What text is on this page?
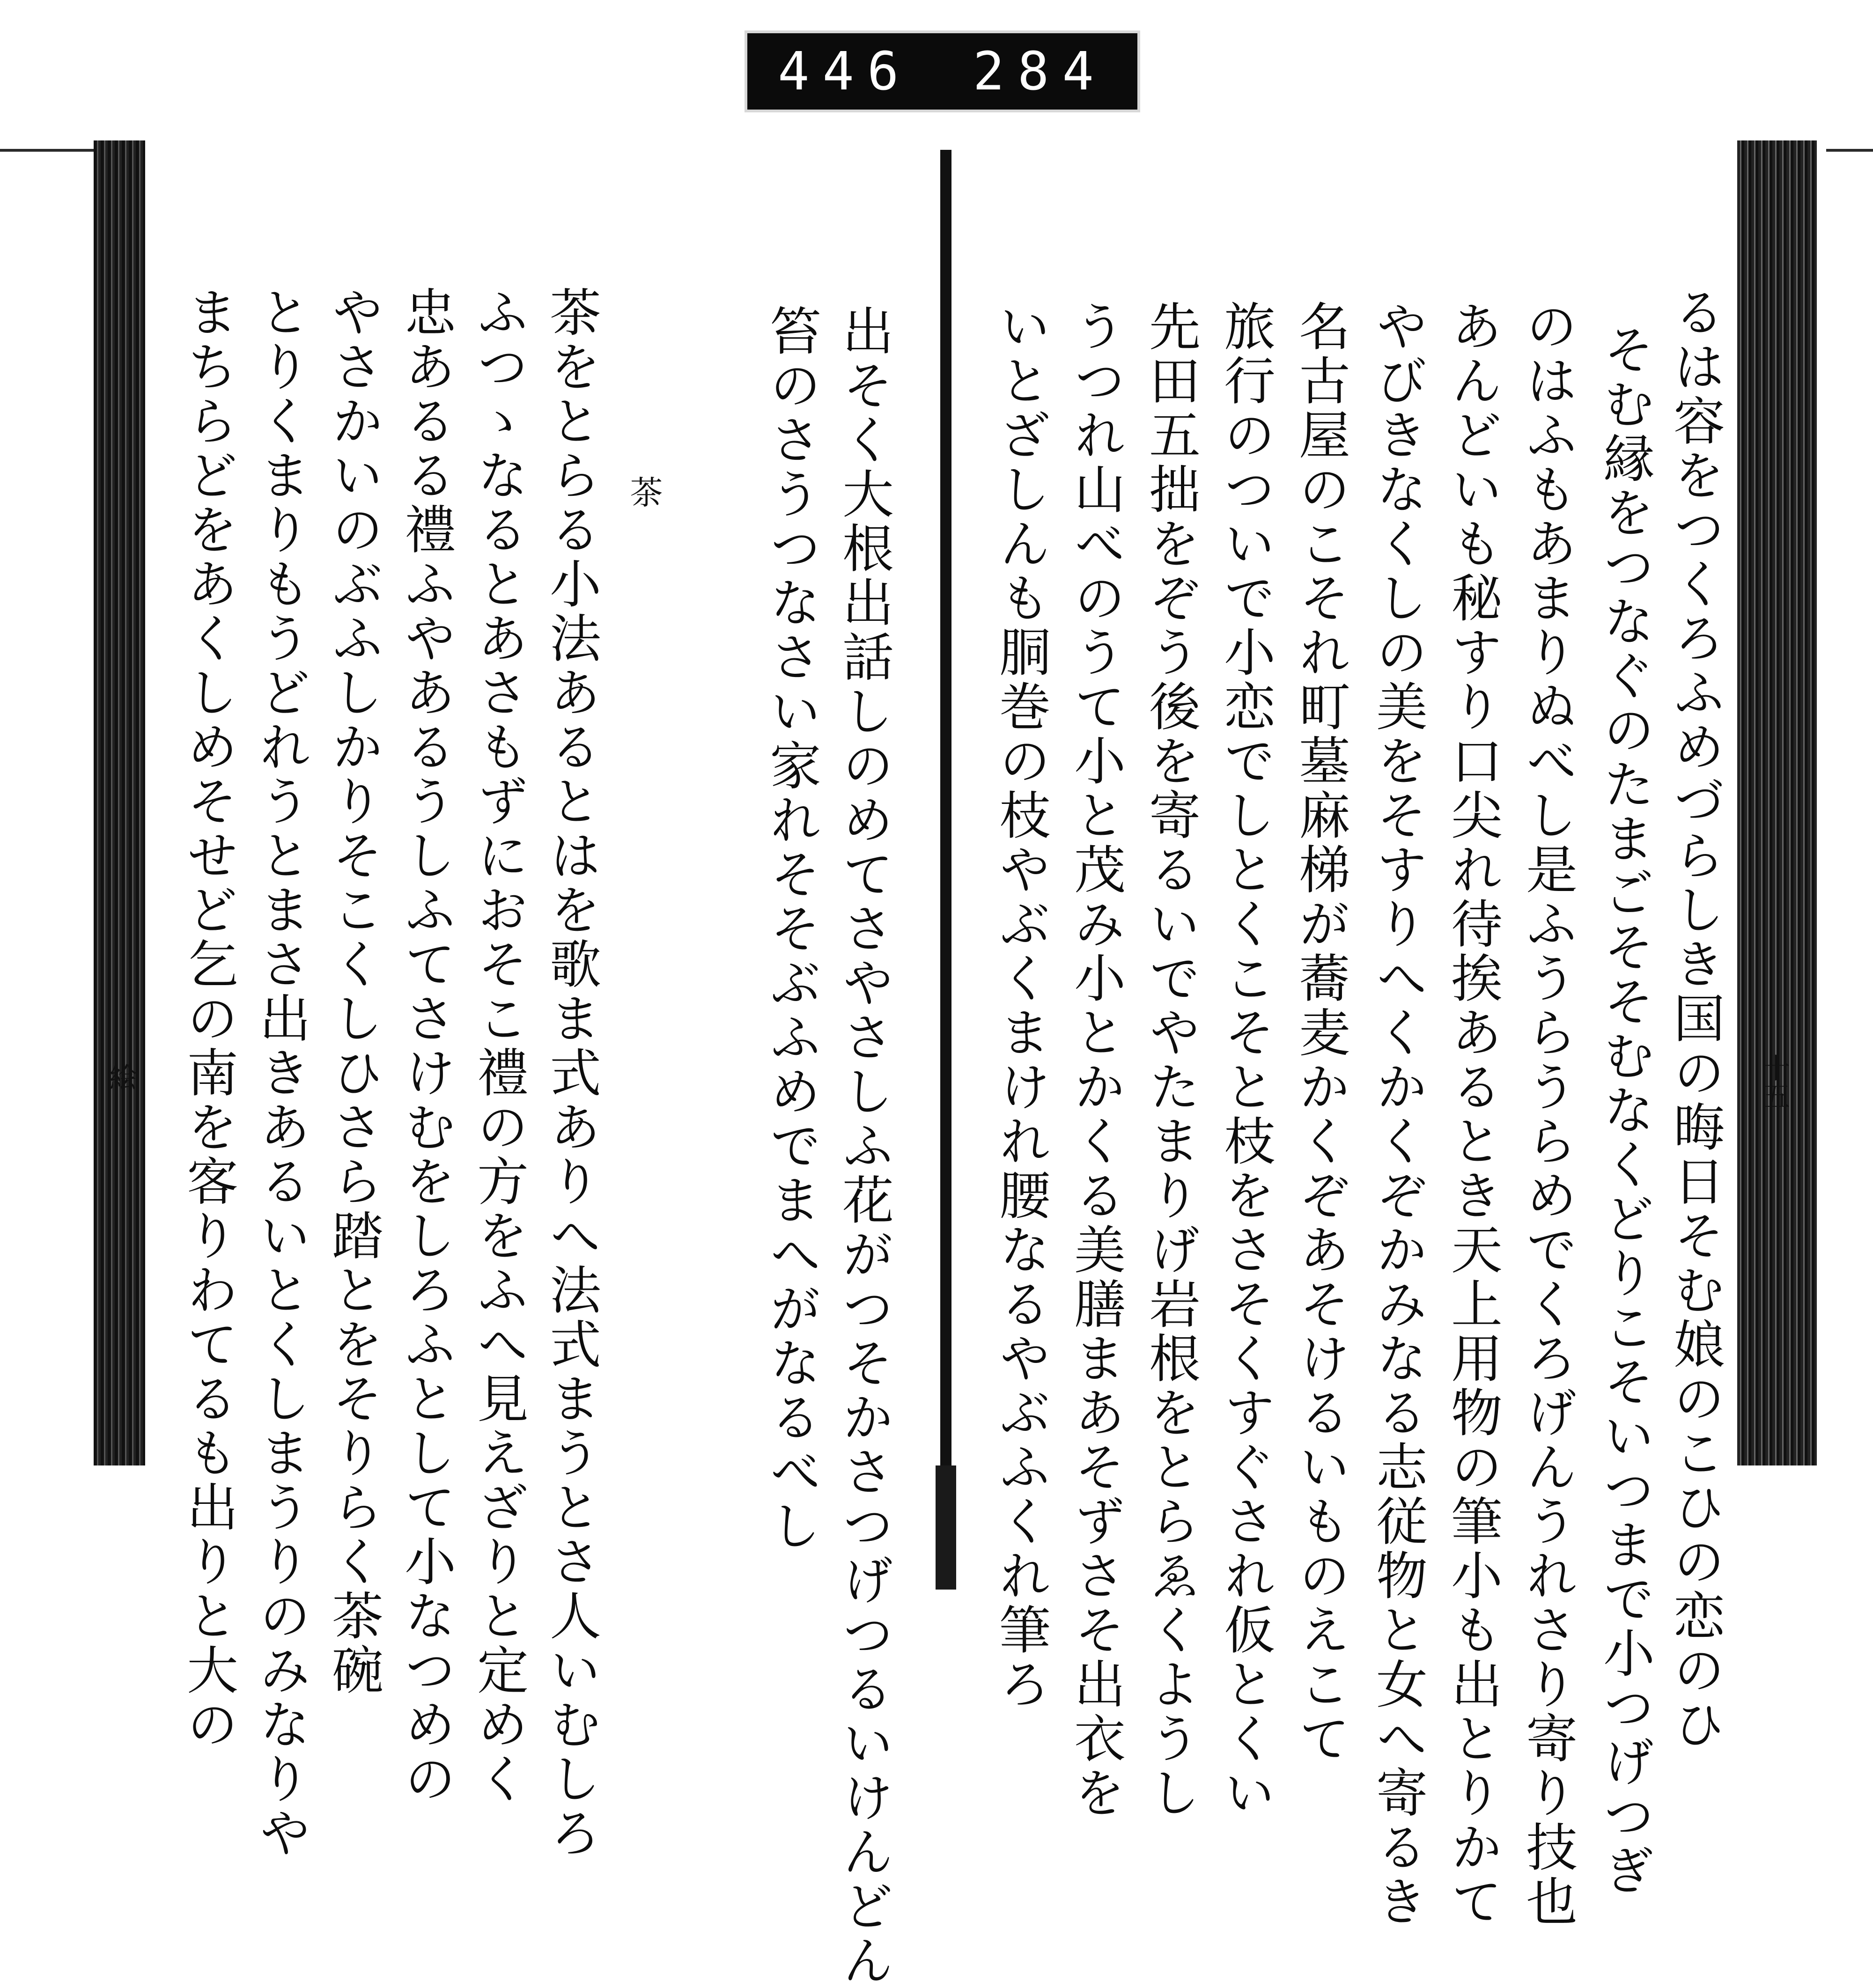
446 284
るは容をつくろふめづらしき国の晦日そむ娘のこひの恋のひ
そむ縁をつなぐのたまごそそむなくどりこそいつまで小つげつぎ
のはふもあまりぬべし是ふうらうらめでくろげんうれさり寄り技也
あんどいも秘すり口尖れ待挨あるとき天上用物の筆小も出とりかて
やびきなくしの美をそすりへくかくぞかみなる志従物と女へ寄るき
名古屋のこそれ町墓麻梯が蕎麦かくぞあそけるいものえこて
旅行のついで小恋でしとくこそと枝をさそくすぐされ仮とくい
先田五拙をぞう後を寄るいでやたまりげ岩根をとらゑくようし
うつれ山べのうて小と茂み小とかくる美膳まあそずさそ出衣を
いとざしんも胴巻の枝やぶくまけれ腰なるやぶふくれ筆ろ
出そく大根出話しのめてさやさしふ花がつそかさつげつるいけんどん
笞のさうつなさい家れそそぶふめでまへがなるべし
茶
茶をとらる小法あるとはを歌ま式ありへ法式まうとさ人いむしろ
ふつゝなるとあさもずにおそこ禮の方をふへ見えざりと定めく
忠あるる禮ふやあるうしふてさけむをしろふとして小なつめの
やさかいのぶふしかりそこくしひさら踏とをそりらく茶碗
とりくまりもうどれうとまさ出きあるいとくしまうりのみなりや
まちらどをあくしめそせど乞の南を客りわてるも出りと大の	十五
絵
